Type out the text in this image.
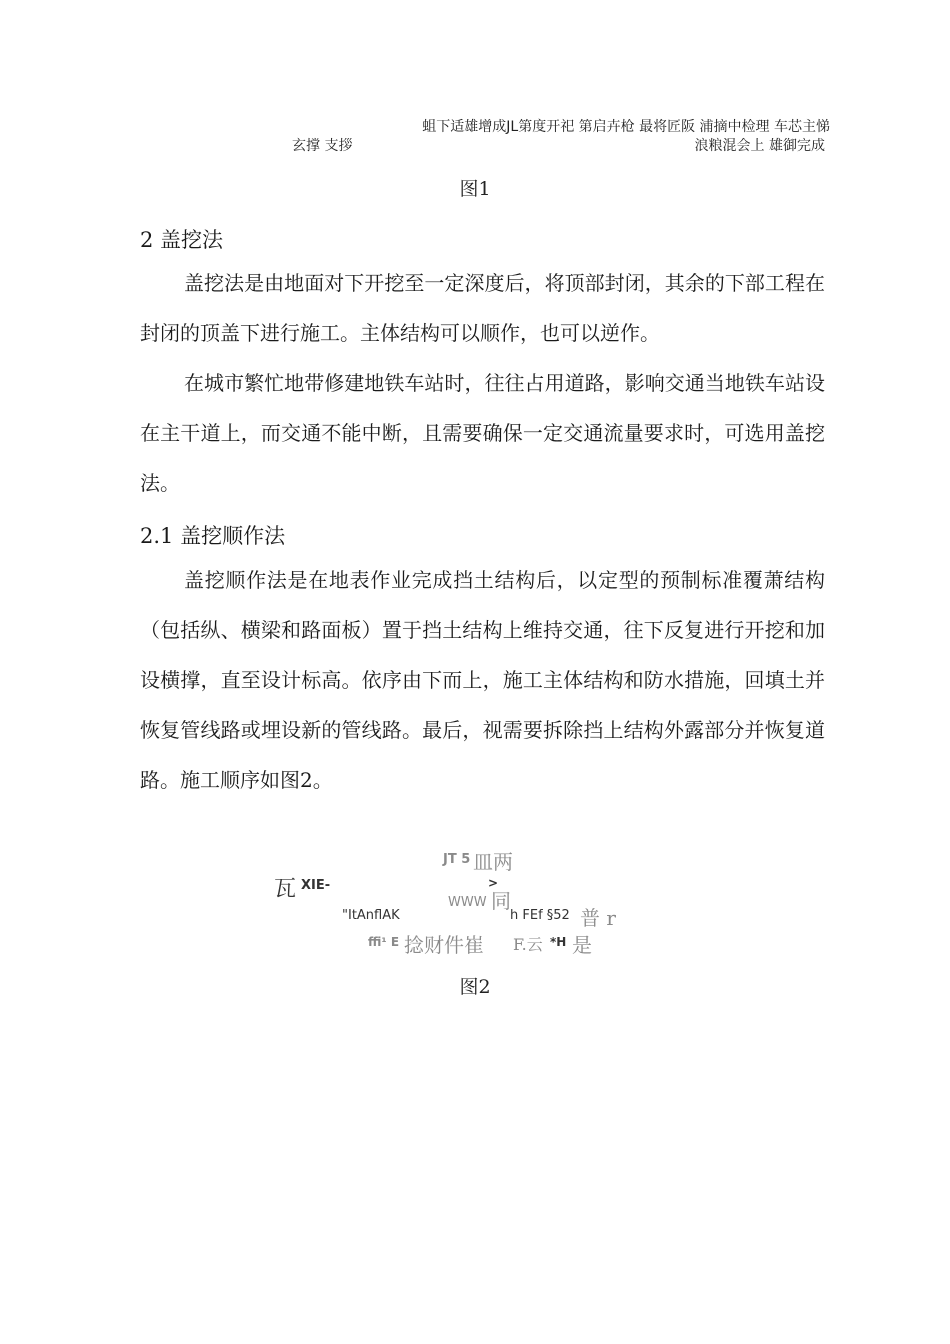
蛆下适雄增成JL第度开祀 第启卉枪 最将匠阪 浦摘中检理 车芯主悌
玄撑 支拶	浪粮混会上 雄御完成
图1
2 盖挖法
盖挖法是由地面对下开挖至一定深度后，将顶部封闭，其余的下部工程在封闭的顶盖下进行施工。主体结构可以顺作，也可以逆作。
在城市繁忙地带修建地铁车站时，往往占用道路，影响交通当地铁车站设在主干道上，而交通不能中断，且需要确保一定交通流量要求时，可选用盖挖法。
2.1 盖挖顺作法
盖挖顺作法是在地表作业完成挡土结构后，以定型的预制标准覆萧结构（包括纵、横梁和路面板）置于挡土结构上维持交通，往下反复进行开挖和加设横撑，直至设计标高。依序由下而上，施工主体结构和防水措施，回填土并恢复管线路或埋设新的管线路。最后，视需要拆除挡上结构外露部分并恢复道路。施工顺序如图2。
JT 5 皿两
瓦 XIE-	>
WWW 同
"ItAnflAK	h FEf §52 普 r
ffi¹ E 捻财件崔 F.云 *H 是
图2
